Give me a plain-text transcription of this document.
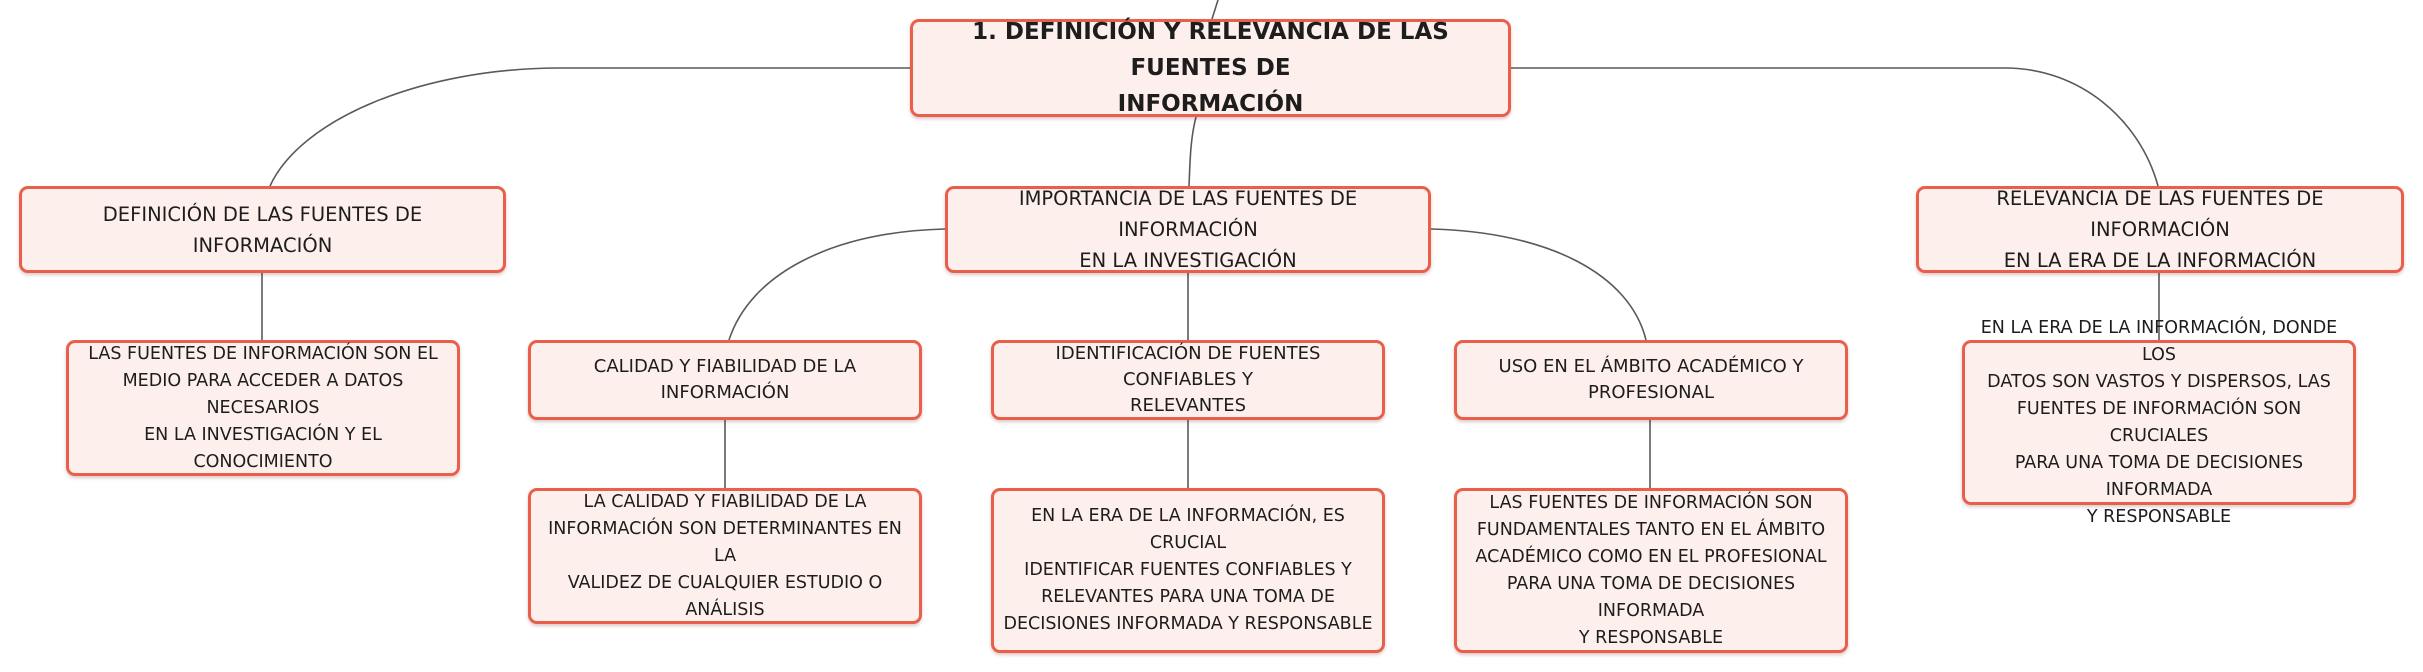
1. DEFINICIÓN Y RELEVANCIA DE LAS FUENTES DE
INFORMACIÓN
DEFINICIÓN DE LAS FUENTES DE INFORMACIÓN
IMPORTANCIA DE LAS FUENTES DE INFORMACIÓN
EN LA INVESTIGACIÓN
RELEVANCIA DE LAS FUENTES DE INFORMACIÓN
EN LA ERA DE LA INFORMACIÓN
LAS FUENTES DE INFORMACIÓN SON EL
MEDIO PARA ACCEDER A DATOS NECESARIOS
EN LA INVESTIGACIÓN Y EL CONOCIMIENTO
CALIDAD Y FIABILIDAD DE LA INFORMACIÓN
IDENTIFICACIÓN DE FUENTES CONFIABLES Y
RELEVANTES
USO EN EL ÁMBITO ACADÉMICO Y
PROFESIONAL
EN LA ERA DE LA INFORMACIÓN, DONDE LOS
DATOS SON VASTOS Y DISPERSOS, LAS
FUENTES DE INFORMACIÓN SON CRUCIALES
PARA UNA TOMA DE DECISIONES INFORMADA
Y RESPONSABLE
LA CALIDAD Y FIABILIDAD DE LA
INFORMACIÓN SON DETERMINANTES EN LA
VALIDEZ DE CUALQUIER ESTUDIO O ANÁLISIS
EN LA ERA DE LA INFORMACIÓN, ES CRUCIAL
IDENTIFICAR FUENTES CONFIABLES Y
RELEVANTES PARA UNA TOMA DE
DECISIONES INFORMADA Y RESPONSABLE
LAS FUENTES DE INFORMACIÓN SON
FUNDAMENTALES TANTO EN EL ÁMBITO
ACADÉMICO COMO EN EL PROFESIONAL
PARA UNA TOMA DE DECISIONES INFORMADA
Y RESPONSABLE
